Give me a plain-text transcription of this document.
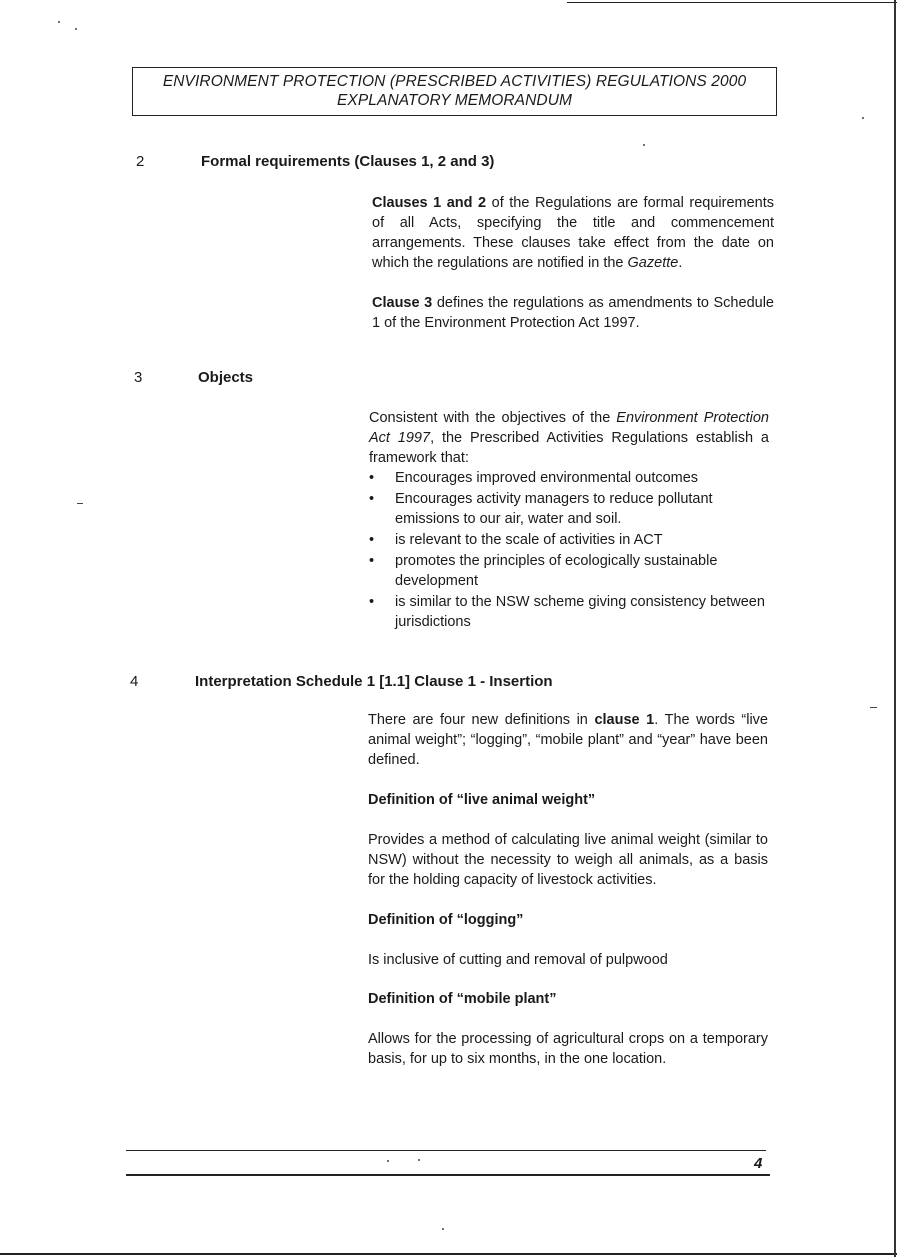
ENVIRONMENT PROTECTION (PRESCRIBED ACTIVITIES) REGULATIONS 2000
EXPLANATORY MEMORANDUM
2	Formal requirements (Clauses 1, 2 and 3)

Clauses 1 and 2 of the Regulations are formal requirements of all Acts, specifying the title and commencement arrangements. These clauses take effect from the date on which the regulations are notified in the Gazette.

Clause 3 defines the regulations as amendments to Schedule 1 of the Environment Protection Act 1997.

3	Objects

Consistent with the objectives of the Environment Protection Act 1997, the Prescribed Activities Regulations establish a framework that:

• Encourages improved environmental outcomes
• Encourages activity managers to reduce pollutant emissions to our air, water and soil.
• is relevant to the scale of activities in ACT
• promotes the principles of ecologically sustainable development
• is similar to the NSW scheme giving consistency between jurisdictions
4	Interpretation Schedule 1 [1.1] Clause 1 - Insertion

There are four new definitions in clause 1. The words “live animal weight”; “logging”, “mobile plant” and “year” have been defined.

Definition of “live animal weight”

Provides a method of calculating live animal weight (similar to NSW) without the necessity to weigh all animals, as a basis for the holding capacity of livestock activities.

Definition of “logging”

Is inclusive of cutting and removal of pulpwood

Definition of “mobile plant”

Allows for the processing of agricultural crops on a temporary basis, for up to six months, in the one location.

4
